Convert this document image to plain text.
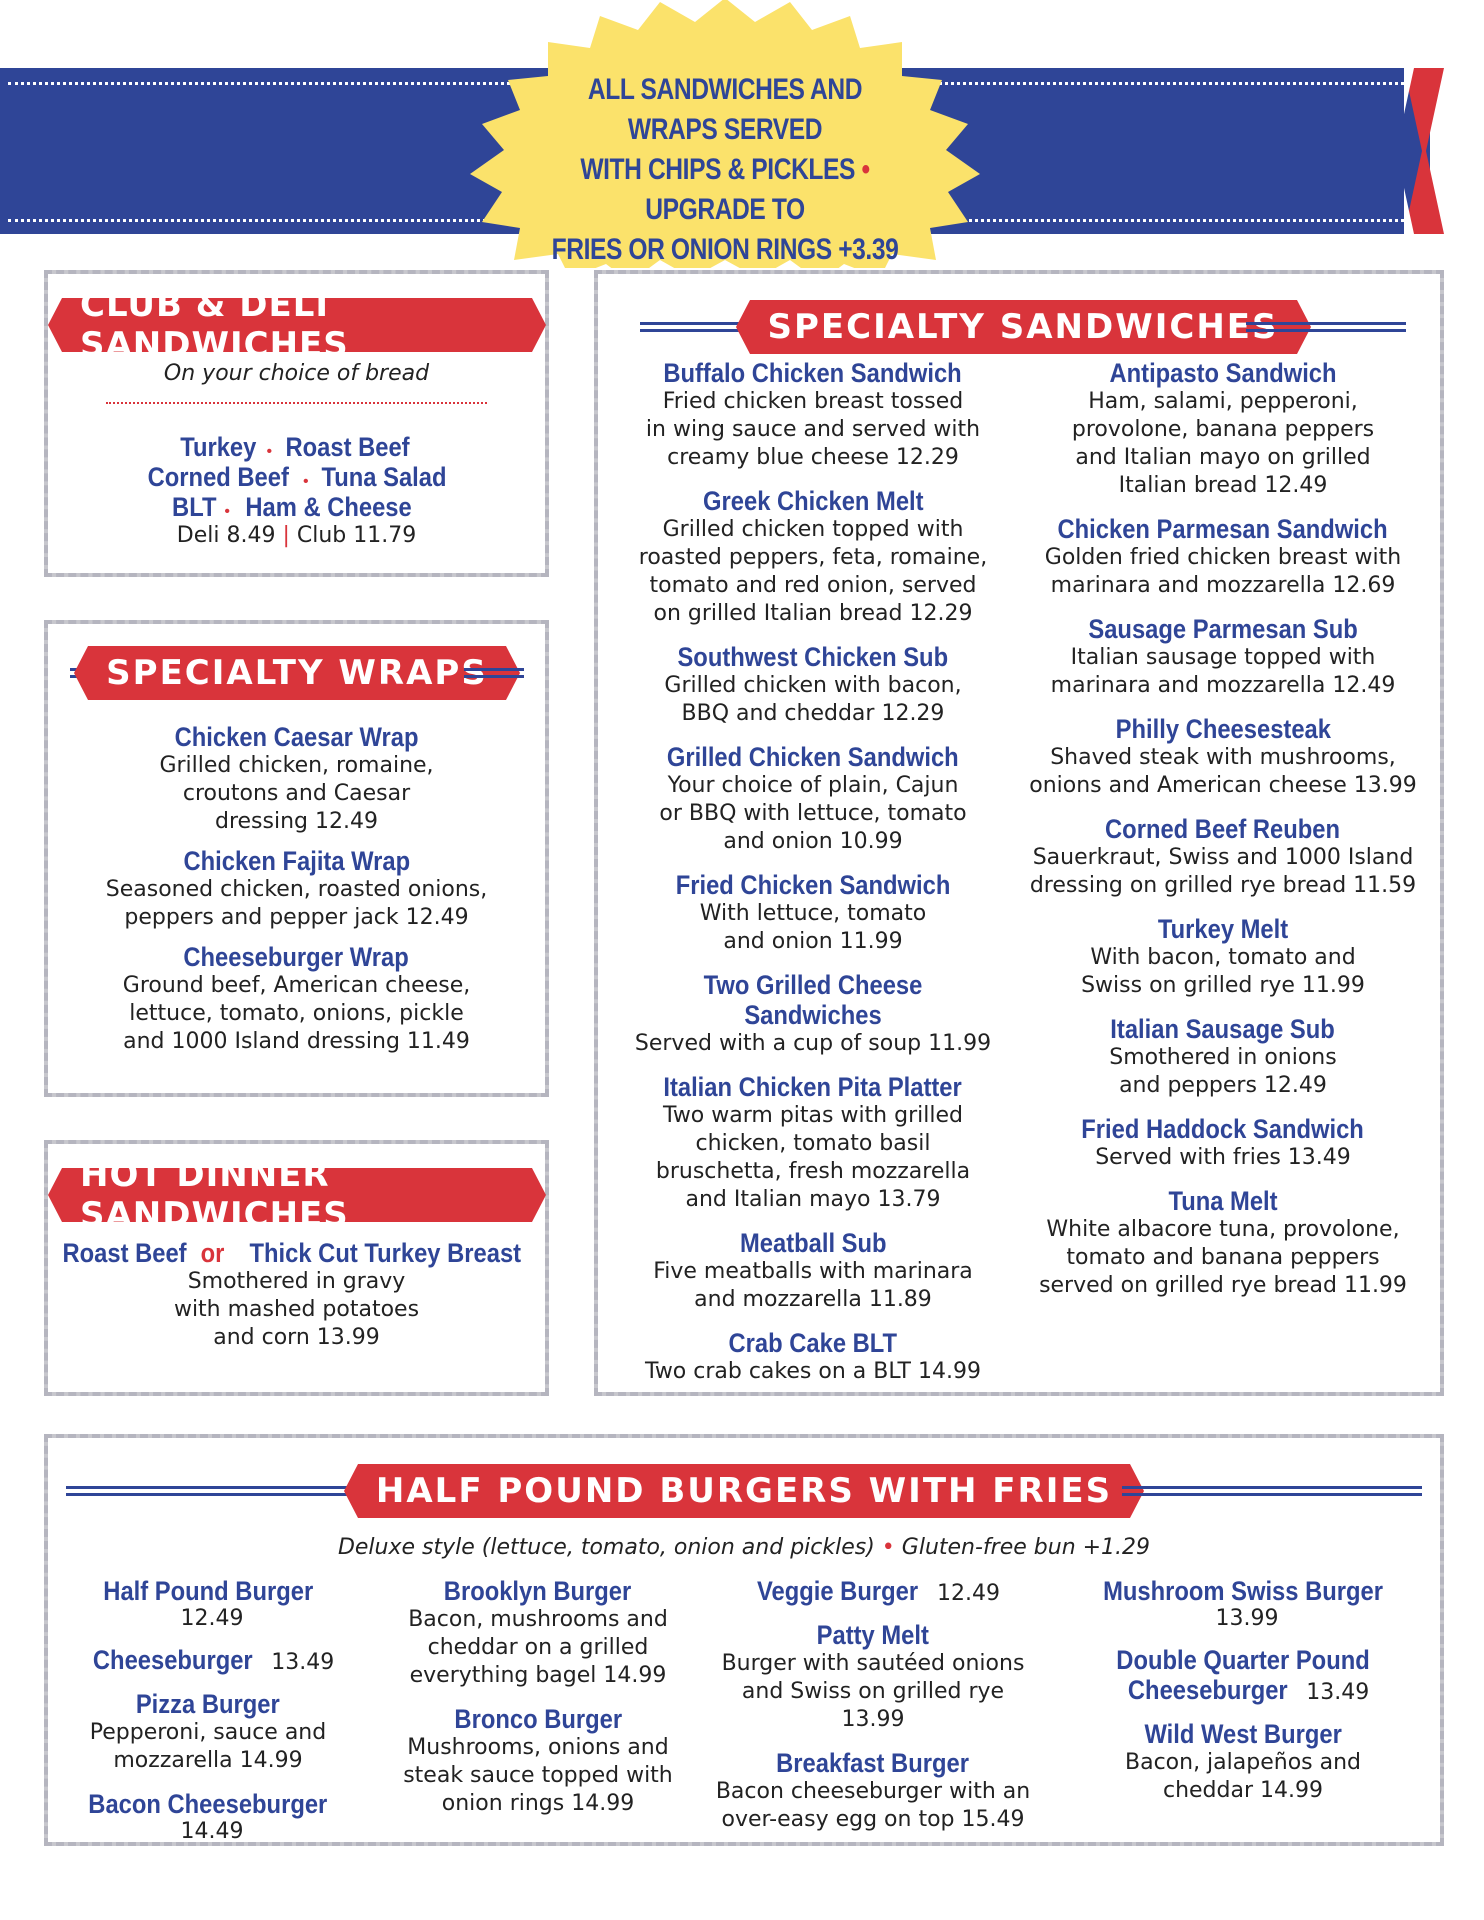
ALL SANDWICHES AND WRAPS SERVED
WITH CHIPS & PICKLES • UPGRADE TO
FRIES OR ONION RINGS +3.39
CLUB & DELI SANDWICHES
On your choice of bread
Turkey • Roast Beef
Corned Beef • Tuna Salad
BLT • Ham & Cheese
Deli 8.49 | Club 11.79
SPECIALTY WRAPS
Chicken Caesar Wrap
Grilled chicken, romaine,
croutons and Caesar
dressing 12.49
Chicken Fajita Wrap
Seasoned chicken, roasted onions,
peppers and pepper jack 12.49
Cheeseburger Wrap
Ground beef, American cheese,
lettuce, tomato, onions, pickle
and 1000 Island dressing 11.49
HOT DINNER SANDWICHES
Roast Beef or Thick Cut Turkey Breast
Smothered in gravy
with mashed potatoes
and corn 13.99
SPECIALTY SANDWICHES
Buffalo Chicken Sandwich
Fried chicken breast tossed
in wing sauce and served with
creamy blue cheese 12.29
Greek Chicken Melt
Grilled chicken topped with
roasted peppers, feta, romaine,
tomato and red onion, served
on grilled Italian bread 12.29
Southwest Chicken Sub
Grilled chicken with bacon,
BBQ and cheddar 12.29
Grilled Chicken Sandwich
Your choice of plain, Cajun
or BBQ with lettuce, tomato
and onion 10.99
Fried Chicken Sandwich
With lettuce, tomato
and onion 11.99
Two Grilled Cheese Sandwiches
Served with a cup of soup 11.99
Italian Chicken Pita Platter
Two warm pitas with grilled
chicken, tomato basil
bruschetta, fresh mozzarella
and Italian mayo 13.79
Meatball Sub
Five meatballs with marinara
and mozzarella 11.89
Crab Cake BLT
Two crab cakes on a BLT 14.99
Antipasto Sandwich
Ham, salami, pepperoni,
provolone, banana peppers
and Italian mayo on grilled
Italian bread 12.49
Chicken Parmesan Sandwich
Golden fried chicken breast with
marinara and mozzarella 12.69
Sausage Parmesan Sub
Italian sausage topped with
marinara and mozzarella 12.49
Philly Cheesesteak
Shaved steak with mushrooms,
onions and American cheese 13.99
Corned Beef Reuben
Sauerkraut, Swiss and 1000 Island
dressing on grilled rye bread 11.59
Turkey Melt
With bacon, tomato and
Swiss on grilled rye 11.99
Italian Sausage Sub
Smothered in onions
and peppers 12.49
Fried Haddock Sandwich
Served with fries 13.49
Tuna Melt
White albacore tuna, provolone,
tomato and banana peppers
served on grilled rye bread 11.99
HALF POUND BURGERS WITH FRIES
Deluxe style (lettuce, tomato, onion and pickles) • Gluten-free bun +1.29
Half Pound Burger12.49
Cheeseburger 13.49
Pizza Burger
Pepperoni, sauce and
mozzarella 14.99
Bacon Cheeseburger14.49
Brooklyn Burger
Bacon, mushrooms and
cheddar on a grilled
everything bagel 14.99
Bronco Burger
Mushrooms, onions and
steak sauce topped with
onion rings 14.99
Veggie Burger 12.49
Patty Melt
Burger with sautéed onions
and Swiss on grilled rye 13.99
Breakfast Burger
Bacon cheeseburger with an
over-easy egg on top 15.49
Mushroom Swiss Burger13.99
Double Quarter Pound
Cheeseburger 13.49
Wild West Burger
Bacon, jalapeños and
cheddar 14.99
